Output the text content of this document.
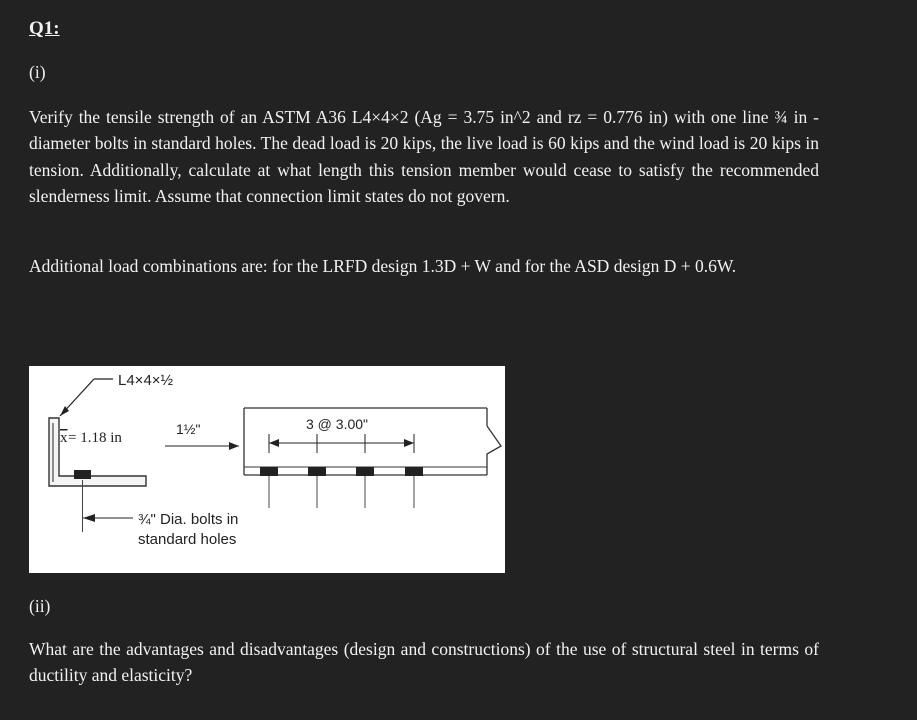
Q1:

(i)

Verify the tensile strength of an ASTM A36 L4×4×2 (Ag = 3.75 in^2 and rz = 0.776 in) with one line ¾ in -diameter bolts in standard holes. The dead load is 20 kips, the live load is 60 kips and the wind load is 20 kips in tension. Additionally, calculate at what length this tension member would cease to satisfy the recommended slenderness limit. Assume that connection limit states do not govern.

Additional load combinations are: for the LRFD design 1.3D + W and for the ASD design D + 0.6W.

L4×4×½
x = 1.18 in
1½"	3 @ 3.00"
¾" Dia. bolts in
standard holes

(ii)

What are the advantages and disadvantages (design and constructions) of the use of structural steel in terms of ductility and elasticity?
